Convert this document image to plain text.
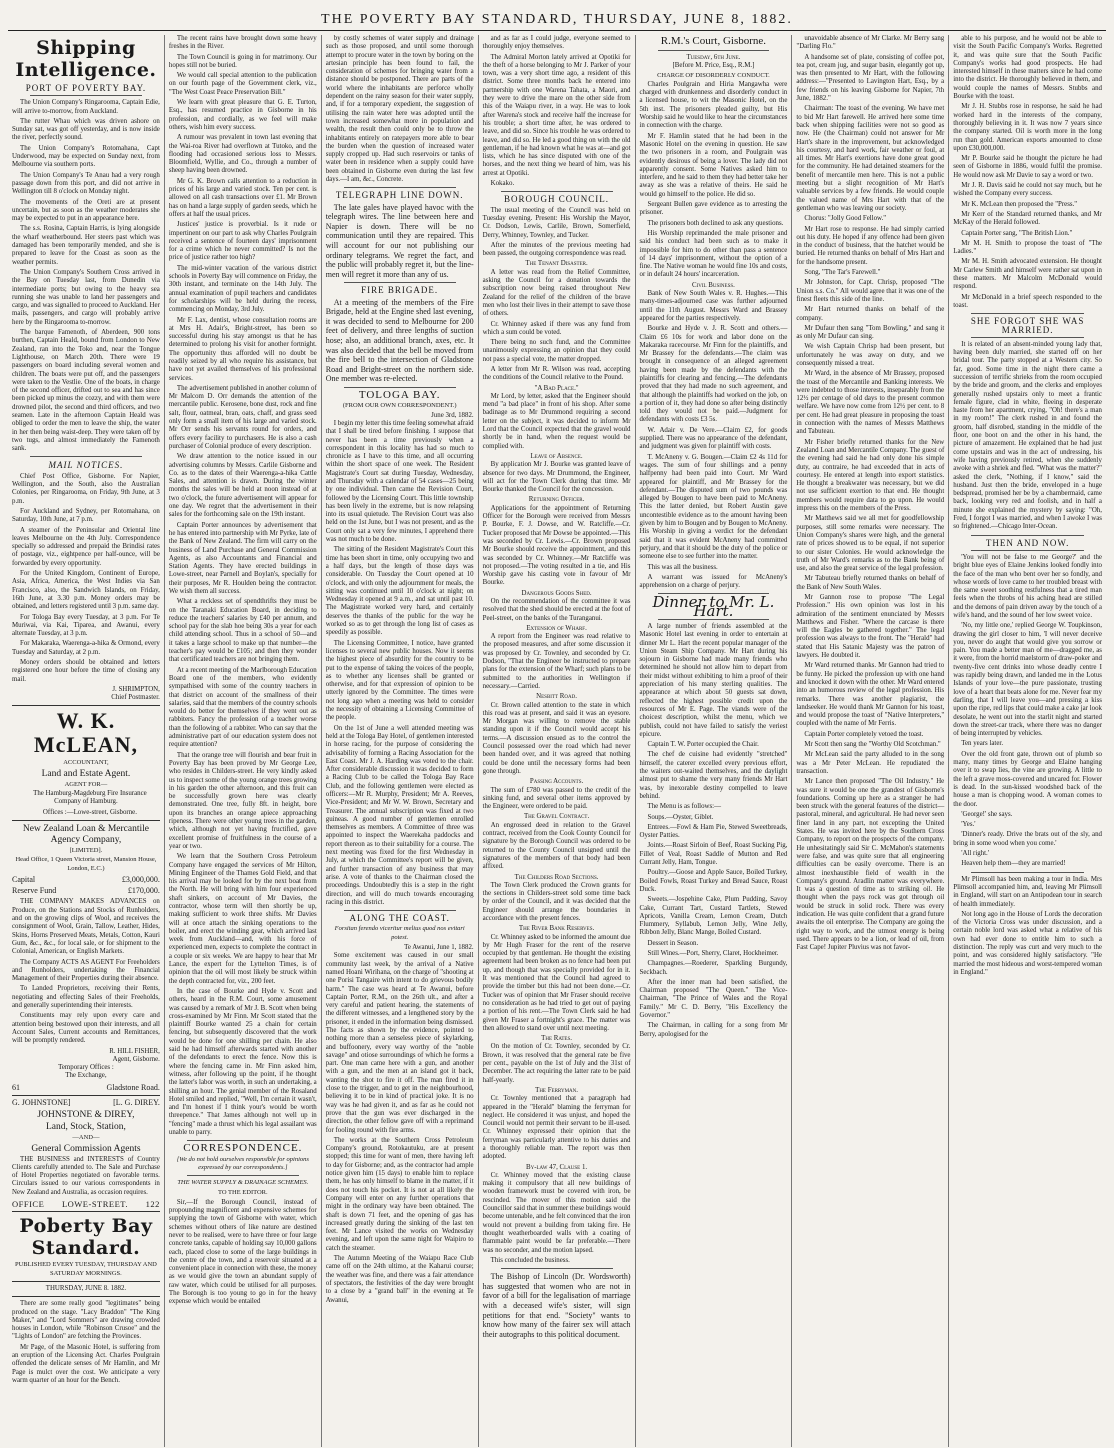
THE POVERTY BAY STANDARD, THURSDAY, JUNE 8, 1882.
Shipping Intelligence.
PORT OF POVERTY BAY.

The Union Company's Ringarooma, Captain Edie, will arrive to-morrow, from Auckland.

The rutter Whau which was driven ashore on Sunday sat, was got off yesterday, and is now inside the river, perfectly sound.

The Union Company's Rotomahana, Capt Underwood, may be expected on Sunday next, from Melbourne via southern ports.

The Union Company's Te Anau had a very rough passage down from this port, and did not arrive in Wellington till 8 o'clock on Monday night.

The movements of the Oreti are at present uncertain, but as soon as the weather moderates she may be expected to put in an appearance here.

The s.s. Rosina, Captain Harris, is lying alongside the wharf weatherbound. Her steers past which was damaged has been temporarily mended, and she is prepared to leave for the Coast as soon as the weather permits.

The Union Company's Southern Cross arrived in the Bay on Tuesday last, from Dunedin via intermediate ports; but owing to the heavy sea running she was unable to land her passengers and cargo, and was signalled to proceed to Auckland. Her mails, passengers, and cargo will probably arrive here by the Ringarooma to-morrow.

The barque Famenoth, of Aberdeen, 900 tons burthen, Captain Heald, bound from London to New Zealand, ran into the Toko and, near the Tongue Lighthouse, on March 20th. There were 19 passengers on board including several women and children. The boats were put off, and the passengers were taken to the Vestlie. One of the boats, in charge of the second officer, drifted out to sea and has since been picked up minus the cozzy, and with them were drowned pilot, the second and third officers, and two seamen. Late in the afternoon Captain Heald was obliged to order the men to leave the ship, the water in her then being waist-deep. They were taken off by two tugs, and almost immediately the Famenoth sank.

MAIL NOTICES.

Chief Post Office, Gisborne. For Napier, Wellington, and the South, also the Australian Colonies, per Ringarooma, on Friday, 9th June, at 3 p.m.

For Auckland and Sydney, per Rotomahana, on Saturday, 10th June, at 7 p.m.

A steamer of the Peninsular and Oriental line leaves Melbourne on the 4th July. Correspondence specially so addressed and prepaid the Brindisi rates of postage, viz., eightpence per half-ounce, will be forwarded by every opportunity.

For the United Kingdom, Continent of Europe, Asia, Africa, America, the West Indies via San Francisco, also, the Sandwich Islands, on Friday, 16th June, at 3.30 p.m. Money orders may be obtained, and letters registered until 3 p.m. same day.

For Tologa Bay every Tuesday, at 3 p.m. For Te Muriwai, via Kai, Tiparea, and Awanui, every alternate Tuesday, at 3 p.m.

For Makaraka, Waerenga-a-hika & Ormond, every Tuesday and Saturday, at 2 p.m.

Money orders should be obtained and letters registered one hour before the time of closing any mail.

J. SHRIMPTON,
Chief Postmaster.
W. K. McLEAN,
ACCOUNTANT,
Land and Estate Agent.
AGENT FOR—

The Hamburg-Magdeburg Fire Insurance Company of Hamburg.

Offices :—Lowe-street, Gisborne.

New Zealand Loan & Mercantile Agency Company,
[LIMITED].
Head Office, 1 Queen Victoria street, Mansion House, London, E.C.)
Capital	£3,000,000.
Reserve Fund	£170,000.

THE COMPANY MAKES ADVANCES on Produce, on the Stations and Stocks of Runholders, and on the growing clips of Wool, and receives the consignment of Wool, Grain, Tallow, Leather, Hides, Skins, Horns Preserved Meats, Metals, Cotton, Kauri Gum, &c., &c., for local sale, or for shipment to the Colonial, American, or English Markets.

The Company ACTS AS AGENT For Freeholders and Runholders, undertaking the Financial Management of their Properties during their absence.

To Landed Proprietors, receiving their Rents, negotiating and effecting Sales of their Freeholds, and generally superintending their interests.

Constituents may rely upon every care and attention being bestowed upon their interests, and all Account Sales, Current accounts and Remittances, will be promptly rendered.

R. HILL FISHER,
Agent, Gisborne.
Temporary Offices :
The Exchange,
61	Gladstone Road.
G. JOHNSTONE]	[L. G. DIREY.
JOHNSTONE & DIREY,
Land, Stock, Station,
—AND—
General Commission Agents

THE BUSINESS and INTERESTS of Country Clients carefully attended to. The Sale and Purchase of Hotel Properties negotiated on favorable terms. Circulars issued to our various correspondents in New Zealand and Australia, as occasion requires.

OFFICE LOWE-STREET. 122
Poberty Bay Standard.
PUBLISHED EVERY TUESDAY, THURSDAY AND SATURDAY MORNINGS.
THURSDAY, JUNE 8. 1882.

There are some really good "legitimates" being produced on the stage. "Lacy Braddon" "The King Maker," and "Lord Sommers" are drawing crowded houses in London, while "Robinson Crusoe" and the "Lights of London" are fetching the Provinces.

Mr Page, of the Masonic Hotel, is suffering from an eruption of the Licensing Act. Charles Poulgrain offended the delicate senses of Mr Hamlin, and Mr Page is mulct over the cost. We anticipate a very warm quarter of an hour for the Bench.

The recent rains have brought down some heavy freshes in the River.

The Town Council is going in for matrimony. Our hopes still not be buried.

We would call special attention to the publication on our fourth page of the Government clerk, viz., "The West Coast Peace Preservation Bill."

We learn with great pleasure that G. E. Turton, Esq., has resumed practice in Gisborne in his profession, and cordially, as we feel will make others, wish him every success.

A rumour was prevalent in town last evening that the Wai-roa River had overflown at Tutoko, and the flooding had occasioned serious loss to Messrs. Bloomfield, Wyllie, and Co., through a number of sheep having been drowned.

Mr G. K. Brown calls attention to a reduction in prices of his large and varied stock. Ten per cent. is allowed on all cash transactions over £1. Mr Brown has on hand a large supply of garden seeds, which he offers at half the usual prices.

Justices' justice is proverbial. Is it rude or impertinent on our part to ask why Charles Poulgrain received a sentence of fourteen days' imprisonment for a crime which he never committed? Is not the price of justice rather too high?

The mid-winter vacation of the various district schools in Poverty Bay will commence on Friday, the 30th instant, and terminate on the 14th July. The annual examination of pupil teachers and candidates for scholarships will be held during the recess, commencing on Monday, 3rd July.

Mr F. Lax, dentist, whose consultation rooms are at Mrs H. Adair's, Bright-street, has been so successful during his stay amongst us that he has determined to prolong his visit for another fortnight. The opportunity thus afforded will no doubt be readily seized by all who require his assistance, but have not yet availed themselves of his professional services.

The advertisement published in another column of Mr Malcom D. Orr demands the attention of the mercantile public. Kerosene, bone dust, rock and fine salt, flour, oatmeal, bran, oats, chaff, and grass seed only form a small item of his large and varied stock. Mr Orr sends his servants round for orders, and offers every facility to purchasers. He is also a cash purchaser of Colonial produce of every description.

We draw attention to the notice issued in our advertising columns by Messrs. Carlile Gisborne and Co. as to the dates of their Waerenga-a-hika Cattle Sales, and attention is drawn. During the winter months the sales will be held at noon instead of at two o'clock, the future advertisement will appear for one day. We regret that the advertisement in their sales for the forthcoming sale on the 19th instant.

Captain Porter announces by advertisement that he has entered into partnership with Mr Pyrke, late of the Bank of New Zealand. The firm will carry on the business of Land Purchase and General Commission Agents, as also Accountants and Financial and Station Agents. They have erected buildings in Lowe-street, near Parnell and Boylan's, specially for their purposes, Mr R. Houlden being the contractor. We wish them all success.

What a reckless set of spendthrifts they must be on the Taranaki Education Board, in deciding to reduce the teachers' salaries by £40 per annum, and school pay for the slab hoe being 30s a year for each child attending school. Thus in a school of 50—and it takes a large school to make up that number—the teacher's pay would be £105; and then they wonder that certificated teachers are not bringing them.

At a recent meeting of the Marlborough Education Board one of the members, who evidently sympathised with some of the country teachers in that district on account of the smallness of their salaries, said that the members of the country schools would do better for themselves if they went out as rabbiters. Fancy the profession of a teacher worse than the following of a rabbiter. Who can say that the administrative part of our education system does not require attention?

That the orange tree will flourish and bear fruit in Poverty Bay has been proved by Mr George Lee, who resides in Childers-street. He very kindly asked us to inspect some of the young orange trees growing in his garden the other afternoon, and this fruit can be successfully grown here was clearly demonstrated. One tree, fully 8ft. in height, bore upon its branches an orange apiece approaching ripeness. There were other young trees in the garden, which, although not yet having fructified, gave excellent promise of fruitfulness in the course of a year or two.

We learn that the Southern Cross Petroleum Company have engaged the services of Mr Hilton, Mining Engineer of the Thames Gold Field, and that his arrival may be looked for by the next boat from the North. He will bring with him four experienced shaft sinkers, on account of Mr Davies, the contractor, whose term will then shortly be up, making sufficient to work three shifts. Mr Davies will at once attach the sinking operations to the boiler, and erect the winding gear, which arrived last week from Auckland—and, with his force of experienced men, expects to complete the contract in a couple or six weeks. We are happy to hear that Mr Lance, the expert for the Lyttelton Times, is of opinion that the oil will most likely be struck within the depth contracted for, viz., 200 feet.

In the case of Bourke and Hyde v. Scott and others, heard in the R.M. Court, some amusement was caused by a remark of Mr J. B. Scott when being cross-examined by Mr Finn. Mr Scott stated that the plaintiff Bourke wanted 25 a chain for certain fencing, but subsequently discovered that the work would be done for one shilling per chain. He also said he had himself afterwards started with another of the defendants to erect the fence. Now this is where the fencing came in. Mr Finn asked him, witness, after following up the point, if he thought the latter's labor was worth, in such an undertaking, a shilling an hour. The genial member of the Rosaland Hotel smiled and replied, "Well, I'm certain it wasn't, and I'm honest if I think your's would be worth threepence." That James although not well up in "fencing" made a thrust which his legal assailant was unable to parry.

CORRESPONDENCE.
[We do not hold ourselves responsible for opinions expressed by our correspondents.]
THE WATER SUPPLY & DRAINAGE SCHEMES.
TO THE EDITOR.

Sir,—If the Borough Council, instead of propounding magnificent and expensive schemes for supplying the town of Gisborne with water, which schemes without others of like nature are destined never to be realised, were to have three or four large concrete tanks, capable of holding say 10,000 gallons each, placed close to some of the large buildings in the centre of the town, and a reservoir situated at a convenient place in connection with these, the money as we would give the town an abundant supply of raw water, which could be utilised for all purposes. The Borough is too young to go in for the heavy expense which would be entailed

by costly schemes of water supply and drainage such as those proposed, and until some thorough attempt to procure water in the town by boring on the artesian principle has been found to fail, the consideration of schemes for bringing water from a distance should be postponed. There are parts of the world where the inhabitants are perforce wholly dependent on the rainy season for their water supply, and, if for a temporary expedient, the suggestion of utilising the rain water here was adopted until the town increased somewhat more in population and wealth, the result then could only be to throw the inhabitants entirely on ratepayers more able to bear the burden when the question of increased water supply cropped up. Had such reservoirs or tanks of water been in residence when a supply could have been obtained in Gisborne even during the last few days.—I am, &c., Concrete.

TELEGRAPH LINE DOWN.

The late gales have played havoc with the telegraph wires. The line between here and Napier is down. There will be no communication until they are repaired. This will account for our not publishing our ordinary telegrams. We regret the fact, and the public will probably regret it, but the line-men will regret it more than any of us.

FIRE BRIGADE.

At a meeting of the members of the Fire Brigade, held at the Engine shed last evening, it was decided to send to Melbourne for 200 feet of delivery, and three lengths of suction hose; also, an additional branch, axes, etc. It was also decided that the bell be moved from the fire bell to the intersection of Gladstone Road and Bright-street on the northern side. One member was re-elected.

TOLOGA BAY.
(FROM OUR OWN CORRESPONDENT.)
June 3rd, 1882.

I begin my letter this time feeling somewhat afraid that I shall be tired before finishing. I suppose that never has been a time previously when a correspondent in this locality has had so much to chronicle as I have to this time, and all occurring within the short space of one week. The Resident Magistrate's Court sat during Tuesday, Wednesday, and Thursday with a calendar of 54 cases—25 being by one individual. Then came the Revision Court, followed by the Licensing Court. This little township has been lively in the extreme, but is now relapsing into its usual quietude. The Revision Court was also held on the 1st June, but I was not present, and as the Court only sat a very few minutes, I apprehend there was not much to be done.

The sitting of the Resident Magistrate's Court this time has been short in time, only occupying two and a half days, but the length of those days was considerable. On Tuesday the Court opened at 10 o'clock, and with only the adjournment for meals, the sitting was continued until 10 o'clock at night; on Wednesday it opened at 9 a.m., and sat until past 10. The Magistrate worked very hard, and certainly deserves the thanks of the public for the way he worked so as to get through the long list of cases as speedily as possible.

The Licensing Committee, I notice, have granted licenses to several new public houses. Now it seems the highest piece of absurdity for the country to be put to the expense of taking the voices of the people, as to whether any licenses shall be granted or otherwise, and for that expression of opinion to be utterly ignored by the Committee. The times were not long ago when a meeting was held to consider the necessity of obtaining a Licensing Committee of the people.

On the 1st of June a well attended meeting was held at the Tologa Bay Hotel, of gentlemen interested in horse racing, for the purpose of considering the advisability of forming a Racing Association for the East Coast. Mr J. A. Harding was voted to the chair. After considerable discussion it was decided to form a Racing Club to be called the Tologa Bay Race Club, and the following gentlemen were elected as officers:—Mr R. Murphy, President; Mr A. Reeves, Vice-President; and Mr W. W. Brown, Secretary and Treasurer. The annual subscription was fixed at two guineas. A good number of gentlemen enrolled themselves as members. A Committee of three was appointed to inspect the Waerekaha paddocks and report thereon as to their suitability for a course. The next meeting was fixed for the first Wednesday in July, at which the Committee's report will be given, and further transaction of any business that may arise. A vote of thanks to the Chairman closed the proceedings. Undoubtedly this is a step in the right direction, and will do much towards encouraging racing in this district.

ALONG THE COAST.
Forsitan ferendo viceritur melius quod nos evitari potest.
Te Awanui, June 1, 1882.

Some excitement was caused in our small community last week, by the arrival of a Native named Hoani Wirihana, on the charge of "shooting at one Porisi Tangaire with intent to do grievous bodily harm." The case was heard at Te Awanui, before Captain Porter, R.M., on the 26th ult., and after a very careful and patient hearing, the statements of the different witnesses, and a lengthened story by the prisoner, it ended in the information being dismissed. The facts as shown by the evidence, pointed to nothing more than a senseless piece of skylarking, and buffoonery, every way worthy of the "noble savage" and otiose surroundings of which he forms a part. One man came here with a gun, and another with a gun, and the men at an island got it back, wanting the shot to fire it off. The man fired it in close to the trigger, and to get in the neighbourhood, believing it to be in kind of practical joke. It is no way was he had given it, and as far as he could not prove that the gun was ever discharged in the direction, the other fellow gave off with a reprimand for fooling round with fire arms.

The works at the Southern Cross Petroleum Company's ground, Rotokautuku, are at present stopped; this time for want of men, there having left to day for Gisborne; and, as the contractor had ample notice given him (15 days) to enable him to replace them, he has only himself to blame in the matter, if it does not touch his pocket. It is not at all likely the Company will enter on any further operations that might in the ordinary way have been obtained. The shaft is down 71 feet, and the opening of gas has increased greatly during the sinking of the last ten feet. Mr Lance visited the works on Wednesday evening, and left upon the same night for Waipiro to catch the steamer.

The Autumn Meeting of the Waiapu Race Club came off on the 24th ultimo, at the Kaharui course; the weather was fine, and there was a fair attendance of spectators, the festivities of the day were brought to a close by a "grand ball" in the evening at Te Awanui,

and as far as I could judge, everyone seemed to thoroughly enjoy themselves.

The Admiral Morton lately arrived at Opotiki for the theft of a horse belonging to Mr J. Parker of your town, was a very short time ago, a resident of this district. Some three months back he entered into partnership with one Warena Tahata, a Maori, and they were to drive the mare on the other side from this of the Waiapu river, in a way. He was to look after Warena's stock and receive half the increase for his trouble; a short time after, he was ordered to leave, and did so. Since his trouble he was ordered to leave, and did so. He led a good thing on with the old gentleman, if he had known what he was at—and got lists, which he has since disputed with one of the horses, and the next thing we heard of him, was his arrest at Opotiki.

Kokako.

BOROUGH COUNCIL.

The usual meeting of the Council was held on Tuesday evening. Present: His Worship the Mayor, Cr. Dodson, Lewis, Carlile, Brown, Somerfield, Derry, Whinney, Townley, and Tucker.

After the minutes of the previous meeting had been passed, the outgoing correspondence was read.

The Tenant Disaster.

A letter was read from the Relief Committee, asking the Council for a donation towards the subscription now being raised throughout New Zealand for the relief of the children of the brave men who lost their lives in their attempt to save those of others.

Cr. Whinney asked if there was any fund from which a sum could be voted.

There being no such fund, and the Committee unanimously expressing an opinion that they could not pass a special vote, the matter dropped.

A letter from Mr R. Wilson was read, accepting the conditions of the Council relative to the Pound.

"A Bad Place."

Mr Lord, by letter, asked that the Engineer should mend "a bad place" in front of his shop. After some badinage as to Mr Drummond requiring a second letter on the subject, it was decided to inform Mr Lord that the Council expected that the gravel would shortly be in hand, when the request would be complied with.

Leave of Absence.

By application Mr J. Bourke was granted leave of absence for two days. Mr Drummond, the Engineer, will act for the Town Clerk during that time. Mr Bourke thanked the Council for the concession.

Returning Officer.

Applications for the appointment of Returning Officer for the Borough were received from Messrs P. Bourke, F. J. Dowse, and W. Ratcliffe.—Cr. Tucker proposed that Mr Dowse be appointed.—This was seconded by Cr. Lewis.—Cr. Brown proposed Mr Bourke should receive the appointment, and this was seconded by Cr. Whinney.—Mr Ratcliffe was not proposed.—The voting resulted in a tie, and His Worship gave his casting vote in favour of Mr Bourke.

Dangerous Goods Shed.

On the recommendation of the committee it was resolved that the shed should be erected at the foot of Peel-street, on the banks of the Turanganui.

Extension of Wharf.

A report from the Engineer was read relative to the proposed measures, and after some discussion it was proposed by Cr. Townley, and seconded by Cr. Dodson, "That the Engineer be instructed to prepare plans for the extension of the Wharf; such plans to be submitted to the authorities in Wellington if necessary.—Carried.

Nesbitt Road.

Cr. Brown called attention to the state in which this road was at present, and said it was an eyesore. Mr Morgan was willing to remove the stable standing upon it if the Council would accept his terms.—A discussion ensued as to the control the Council possessed over the road which had never been handed over, and it was agreed that nothing could be done until the necessary forms had been gone through.

Passing Accounts.

The sum of £780 was passed to the credit of the sinking fund, and several other items approved by the Engineer, were ordered to be paid.

The Gravel Contract.

An engrossed deed in relation to the Gravel contract, received from the Cook County Council for signature by the Borough Council was ordered to be returned to the County Council unsigned until the signatures of the members of that body had been affixed.

The Childers Road Sections.

The Town Clerk produced the Crown grants for the sections in Childers-street sold some time back by order of the Council, and it was decided that the Engineer should arrange the boundaries in accordance with the present fences.

The River Bank Reserves.

Cr. Whinney asked to be informed the amount due by Mr Hugh Fraser for the rent of the reserve occupied by that gentleman. He thought the existing agreement had been broken as no fence had been put up, and though that was specially provided for in it. It was mentioned that the Council had agreed to provide the timber but this had not been done.—Cr. Tucker was of opinion that Mr Fraser should receive no consideration as he had tried to get out of paying a portion of his rent.—The Town Clerk said he had given Mr Fraser a fortnight's grace. The matter was then allowed to stand over until next meeting.

The Rates.

On the motion of Cr. Townley, seconded by Cr. Brown, it was resolved that the general rate be five per cent., payable on the 1st of July and the 31st of December. The act requiring the latter rate to be paid half-yearly.

The Ferryman.

Cr. Townley mentioned that a paragraph had appeared in the "Herald" blaming the ferryman for neglect. He considered it was unjust, and hoped the Council would not permit their servant to be ill-used. Cr. Whinney expressed their opinion that the ferryman was particularly attentive to his duties and a thoroughly reliable man. The report was then adopted.

By-law 47, Clause 1.

Cr. Whinney moved that the existing clause making it compulsory that all new buildings of wooden framework must be covered with iron, be rescinded. The mover of this motion said the Councillor said that in summer these buildings would become untenable, and he felt convinced that the iron would not prevent a building from taking fire. He thought weatherboarded walls with a coating of flammable paint would be far preferable.—There was no seconder, and the motion lapsed.

This concluded the business.

The Bishop of Lincoln (Dr. Wordsworth) has suggested that women who are not in favor of a bill for the legalisation of marriage with a deceased wife's sister, will sign petitions for that end. "Society" wants to know how many of the fairer sex will attach their autographs to this political document.

R.M.'s Court, Gisborne.
Tuesday, 6th June.
[Before M. Price, Esq., R.M.]
CHARGE OF DISORDERLY CONDUCT.

Charles Poulgrain and Hiria Mangawha were charged with drunkenness and disorderly conduct in a licensed house, to wit the Masonic Hotel, on the 5th inst. The prisoners pleaded guilty, but His Worship said he would like to hear the circumstances in connection with the charge.

Mr F. Hamlin stated that he had been in the Masonic Hotel on the evening in question. He saw the two prisoners in a room, and Poulgrain was evidently desirous of being a lover. The lady did not apparently consent. Some Natives asked him to interfere, and he said to them they had better take her away as she was a relative of theirs. He said he would go himself to the police. He did so.

Sergeant Bullen gave evidence as to arresting the prisoner.

The prisoners both declined to ask any questions.

His Worship reprimanded the male prisoner and said his conduct had been such as to make it impossible for him to do other than pass a sentence of 14 days' imprisonment, without the option of a fine. The Native woman he would fine 10s and costs, or in default 24 hours' incarceration.

Civil Business.

Bank of New South Wales v. R. Hughes.—This many-times-adjourned case was further adjourned until the 11th August. Messrs Ward and Brassey appeared for the parties respectively.

Bourke and Hyde v. J. R. Scott and others.—Claim £6 10s for work and labor done on the Makaraka racecourse. Mr Finn for the plaintiffs, and Mr Brassey for the defendants.—The claim was brought in consequence of an alleged agreement having been made by the defendants with the plaintiffs for clearing and fencing.—The defendants proved that they had made no such agreement, and that although the plaintiffs had worked on the job, on a portion of it, they had done so after being distinctly told they would not be paid.—Judgment for defendants with costs £3 5s.

W. Adair v. De Vere.—Claim £2, for goods supplied. There was no appearance of the defendant, and judgment was given for plaintiff with costs.

T. McAneny v. G. Bougen.—Claim £2 4s 11d for wages. The sum of four shillings and a penny halfpenny had been paid into Court. Mr Ward appeared for plaintiff, and Mr Brassey for the defendant.—The disputed sum of two pounds was alleged by Bougen to have been paid to McAneny. This the latter denied, but Robert Austin gave uncontestible evidence as to the amount having been given by him to Bougen and by Bougen to McAneny. His Worship in giving a verdict for the defendant said that it was evident McAneny had committed perjury, and that it should be the duty of the police or someone else to see further into the matter.

This was all the business.

A warrant was issued for McAneny's apprehension on a charge of perjury.

Dinner to Mr. L. Hart.

A large number of friends assembled at the Masonic Hotel last evening in order to entertain at dinner Mr L. Hart the recent popular manager of the Union Steam Ship Company. Mr Hart during his sojourn in Gisborne had made many friends who determined he should not allow him to depart from their midst without exhibiting to him a proof of their appreciation of his many sterling qualities. The appearance at which about 50 guests sat down, reflected the highest possible credit upon the resources of Mr E. Page. The viands were of the choicest description, whilst the menu, which we publish, could not have failed to satisfy the veriest epicure.

Captain T. W. Porter occupied the Chair.

The chef de cuisine had evidently "stretched" himself, the caterer excelled every previous effort, the waiters out-waited themselves, and the daylight almost put to shame the very many friends Mr Hart was, by inexorable destiny compelled to leave behind.

The Menu is as follows:—

Soups.—Oyster, Giblet.

Entrees.—Fowl & Ham Pie, Stewed Sweetbreads, Oyster Patties.

Joints.—Roast Sirloin of Beef, Roast Sucking Pig, Fillet of Veal, Roast Saddle of Mutton and Red Currant Jelly, Ham, Tongue.

Poultry.—Goose and Apple Sauce, Boiled Turkey, Boiled Fowls, Roast Turkey and Bread Sauce, Roast Duck.

Sweets.—Jospehine Cake, Plum Pudding, Savoy Cake, Currant Tart, Custard Tartlets, Stewed Apricots, Vanilla Cream, Lemon Cream, Dutch Flummery, Syllabub, Lemon Jelly, Wine Jelly, Ribbon Jelly, Blanc Mange, Boiled Custard.

Dessert in Season.

Still Wines.—Port, Sherry, Claret, Hockheimer.

Champagnes.—Roederer, Sparkling Burgundy, Seckbach.

After the inner man had been satisfied, the Chairman proposed "The Queen." The Vice-Chairman, "The Prince of Wales and the Royal Family." Mr C. D. Berry, "His Excellency the Governor."

The Chairman, in calling for a song from Mr Berry, apologised for the

unavoidable absence of Mr Clarke. Mr Berry sang "Darling Flo."

A handsome set of plate, consisting of coffee pot, tea pot, cream jug, and sugar basin, elegantly got up, was then presented to Mr Hart, with the following address:—"Presented to Lavington Hart, Esq., by a few friends on his leaving Gisborne for Napier, 7th June, 1882."

Chairman: The toast of the evening. We have met to bid Mr Hart farewell. He arrived here some time back when shipping facilities were not so good as now. He (the Chairman) could not answer for Mr Hart's share in the improvement, but acknowledged his courtesy, and hard work, fair weather or foul, at all times. Mr Hart's exertions have done great good for the community. He had detained steamers for the benefit of mercantile men here. This is not a public meeting but a slight recognition of Mr Hart's valuable services by a few friends. He would couple the valued name of Mrs Hart with that of the gentleman who was leaving our society.

Chorus: "Jolly Good Fellow."

Mr Hart rose to response. He had simply carried out his duty. He hoped if any offence had been given in the conduct of business, that the hatchet would be buried. He returned thanks on behalf of Mrs Hart and for the handsome present.

Song, "The Tar's Farewell."

Mr Johnston, for Capt. Chrisp, proposed "The Union s.s. Co." All would agree that it was one of the finest fleets this side of the line.

Mr Hart returned thanks on behalf of the company.

Mr Dufaur then sang "Tom Bowling," and sang it as only Mr Dufaur can sing.

We wish Captain Chrisp had been present, but unfortunately he was away on duty, and we consequently missed a treat.

Mr Ward, in the absence of Mr Brassey, proposed the toast of the Mercantile and Banking interests. We were indebted to those interests, inseparably from the 12½ per centage of old days to the present common welfare. We have now come from 12½ per cent. to 8 per cent. He had great pleasure in proposing the toast in connection with the names of Messrs Matthews and Tabuteau.

Mr Fisher briefly returned thanks for the New Zealand Loan and Mercantile Company. The guest of the evening had said he had only done his simple duty, au contraire, he had exceeded that in acts of courtesy. He entered at length into export statistics. He thought a breakwater was necessary, but we did not use sufficient exertion to that end. He thought members would require data to go upon. He would impress this on the members of the Press.

Mr Matthews said we all met for goodfellowship purposes, still some remarks were necessary. The Union Company's shares were high, and the general rate of prices showed us to be equal, if not superior to our sister Colonies. He would acknowledge the truth of Mr Ward's remarks as to the Bank being of use, and also the great service of the legal profession.

Mr Tabuteau briefly returned thanks on behalf of the Bank of New South Wales.

Mr Gannon rose to propose "The Legal Profession." His own opinion was lost in his admiration of the sentiment enunciated by Messrs Matthews and Fisher. "Where the carcase is there will the Eagles be gathered together." The legal profession was always to the front. The "Herald" had stated that His Satanic Majesty was the patron of lawyers. He doubted it.

Mr Ward returned thanks. Mr Gannon had tried to be funny. He picked the profession up with one hand and knocked it down with the other. Mr Ward entered into an humorous review of the legal profession. His remarks. There was another plagiarist, the landseeker. He would thank Mr Gannon for his toast, and would propose the toast of "Native Interpreters," coupled with the name of Mr Ferris.

Captain Porter completely vetoed the toast.

Mr Scott then sang the "Worthy Old Scotchman."

Mr McLean said the party alluded to in the song was a Mr Peter McLean. He repudiated the transaction.

Mr Lance then proposed "The Oil Industry." He was sure it would be one the grandest of Gisborne's foundations. Coming up here as a stranger he had been struck with the general features of the district—pastoral, mineral, and agricultural. He had never seen finer land in any part, not excepting the United States. He was invited here by the Southern Cross Company, to report on the prospects of the company. He unhesitatingly said Sir C. McMahon's statements were false, and was quite sure that all engineering difficulties can be easily overcome. There is an almost inexhaustible field of wealth in the Company's ground. Aradlin matter was everywhere. It was a question of time as to striking oil. He thought when the pays rock was got through oil would be struck in solid rock. There was every indication. He was quite confident that a grand future awaits the oil enterprise. The Company are going the right way to work, and the utmost energy is being used. There appears to be a lion, or lead of oil, from Fast Cape! Jupiter Pluvius was not favor-

able to his purpose, and he would not be able to visit the South Pacific Company's Works. Regretted it, and was quite sure that the South Pacific Company's works had good prospects. He had interested himself in these matters since he had come into the district. He thoroughly believed in them, and would couple the names of Messrs. Stubbs and Bourke with the toast.

Mr J. H. Stubbs rose in response, he said he had worked hard in the interests of the company, thoroughly believing in it. It was now 7 years since the company started. Oil is worth more in the long run than gold. American exports amounted to close upon £30,000,000.

Mr P. Bourke said he thought the picture he had seen of Gisborne in 1886, would fulfil the promise. He would now ask Mr Davie to say a word or two.

Mr J. R. Davis said he could not say much, but he wished the Company every success.

Mr K. McLean then proposed the "Press."

Mr Kerr of the Standard returned thanks, and Mr McKay of the Herald followed.

Captain Porter sang, "The British Lion."

Mr M. H. Smith to propose the toast of "The Ladies."

Mr M. H. Smith advocated extension. He thought Mr Carlew Smith and himself were rather sat upon in these matters. Mr Malcolm McDonald would respond.

Mr McDonald in a brief speech responded to the toast.

SHE FORGOT SHE WAS MARRIED.

It is related of an absent-minded young lady that, having been duly married, she started off on her bridal tour. The party stopped at a Western city. So far, good. Some time in the night there came a succession of terrific shrieks from the room occupied by the bride and groom, and the clerks and employes generally rushed upstairs only to meet a frantic female figure, clad in white, fleeing in desperate haste from her apartment, crying, "Oh! there's a man in my room!" The clerk rushed in and found the groom, half disrobed, standing in the middle of the floor, one boot on and the other in his hand, the picture of amazement. He explained that he had just come upstairs and was in the act of undressing, his wife having previously retired, when she suddenly awoke with a shriek and fled. "What was the matter?" asked the clerk, "Nothing, if I know," said the husband. Just then the bride, enveloped in a huge bedspread, promised her be by a chambermaid, came back, looking very red and foolish, and in half a minute she explained the mystery by saying: "Oh, Fred, I forgot I was married, and when I awoke I was so frightened.—Chicago Inter-Ocean.

THEN AND NOW.

'You will not be false to me George?' and the bright blue eyes of Elaine Jenkins looked fondly into the face of the man who bent over her so fondly, and whose words of love came to her troubled breast with the same sweet soothing restfulness that a tired man feels when the throbs of his aching head are stilled and the demons of pain driven away by the touch of a wife's hand, and the sound of her low sweet voice.

'No, my little one,' replied George W. Toupkinson, drawing the girl closer to him, 'I will never deceive you, never do aught that would give you sorrow or pain. You made a better man of me—dragged me, as it were, from the horrid maelstorm of draw-poker and twenty-five cent drinks into whose deadly centre I was rapidly being drawn, and landed me in the Lotus Islands of your love—the pure passionate, trusting love of a heart that beats alone for me. Never fear my darling, that I will leave you—and pressing a kiss upon the ripe, red lips that could make a cake jar look desolate, he went out into the starlit night and started down the street-car track, where there was no danger of being interrupted by vehicles.

Ten years later.

Over the old front gate, thrown out of plumb so many, many times by George and Elaine hanging over it to swap lies, the vine are growing. A little to the left a grave moss-covered and uncared for. Flower is dead. In the sun-kissed woodshed back of the house a man is chopping wood. A woman comes to the door.

'George!' she says.

'Yes.'

'Dinner's ready. Drive the brats out of the sly, and bring in some wood when you come.'

'All right.'

Heaven help them—they are married!

Mr Plimsoll has been making a tour in India. Mrs Plimsoll accompanied him, and, leaving Mr Plimsoll in England, will start on an Antipodean tour in search of health immediately.

Not long ago in the House of Lords the decoration of the Victoria Cross was under discussion, and a certain noble lord was asked what a relative of his own had ever done to entitle him to such a distinction. The reply was curt and very much to the point, and was considered highly satisfactory. "He married the most hideous and worst-tempered woman in England."
